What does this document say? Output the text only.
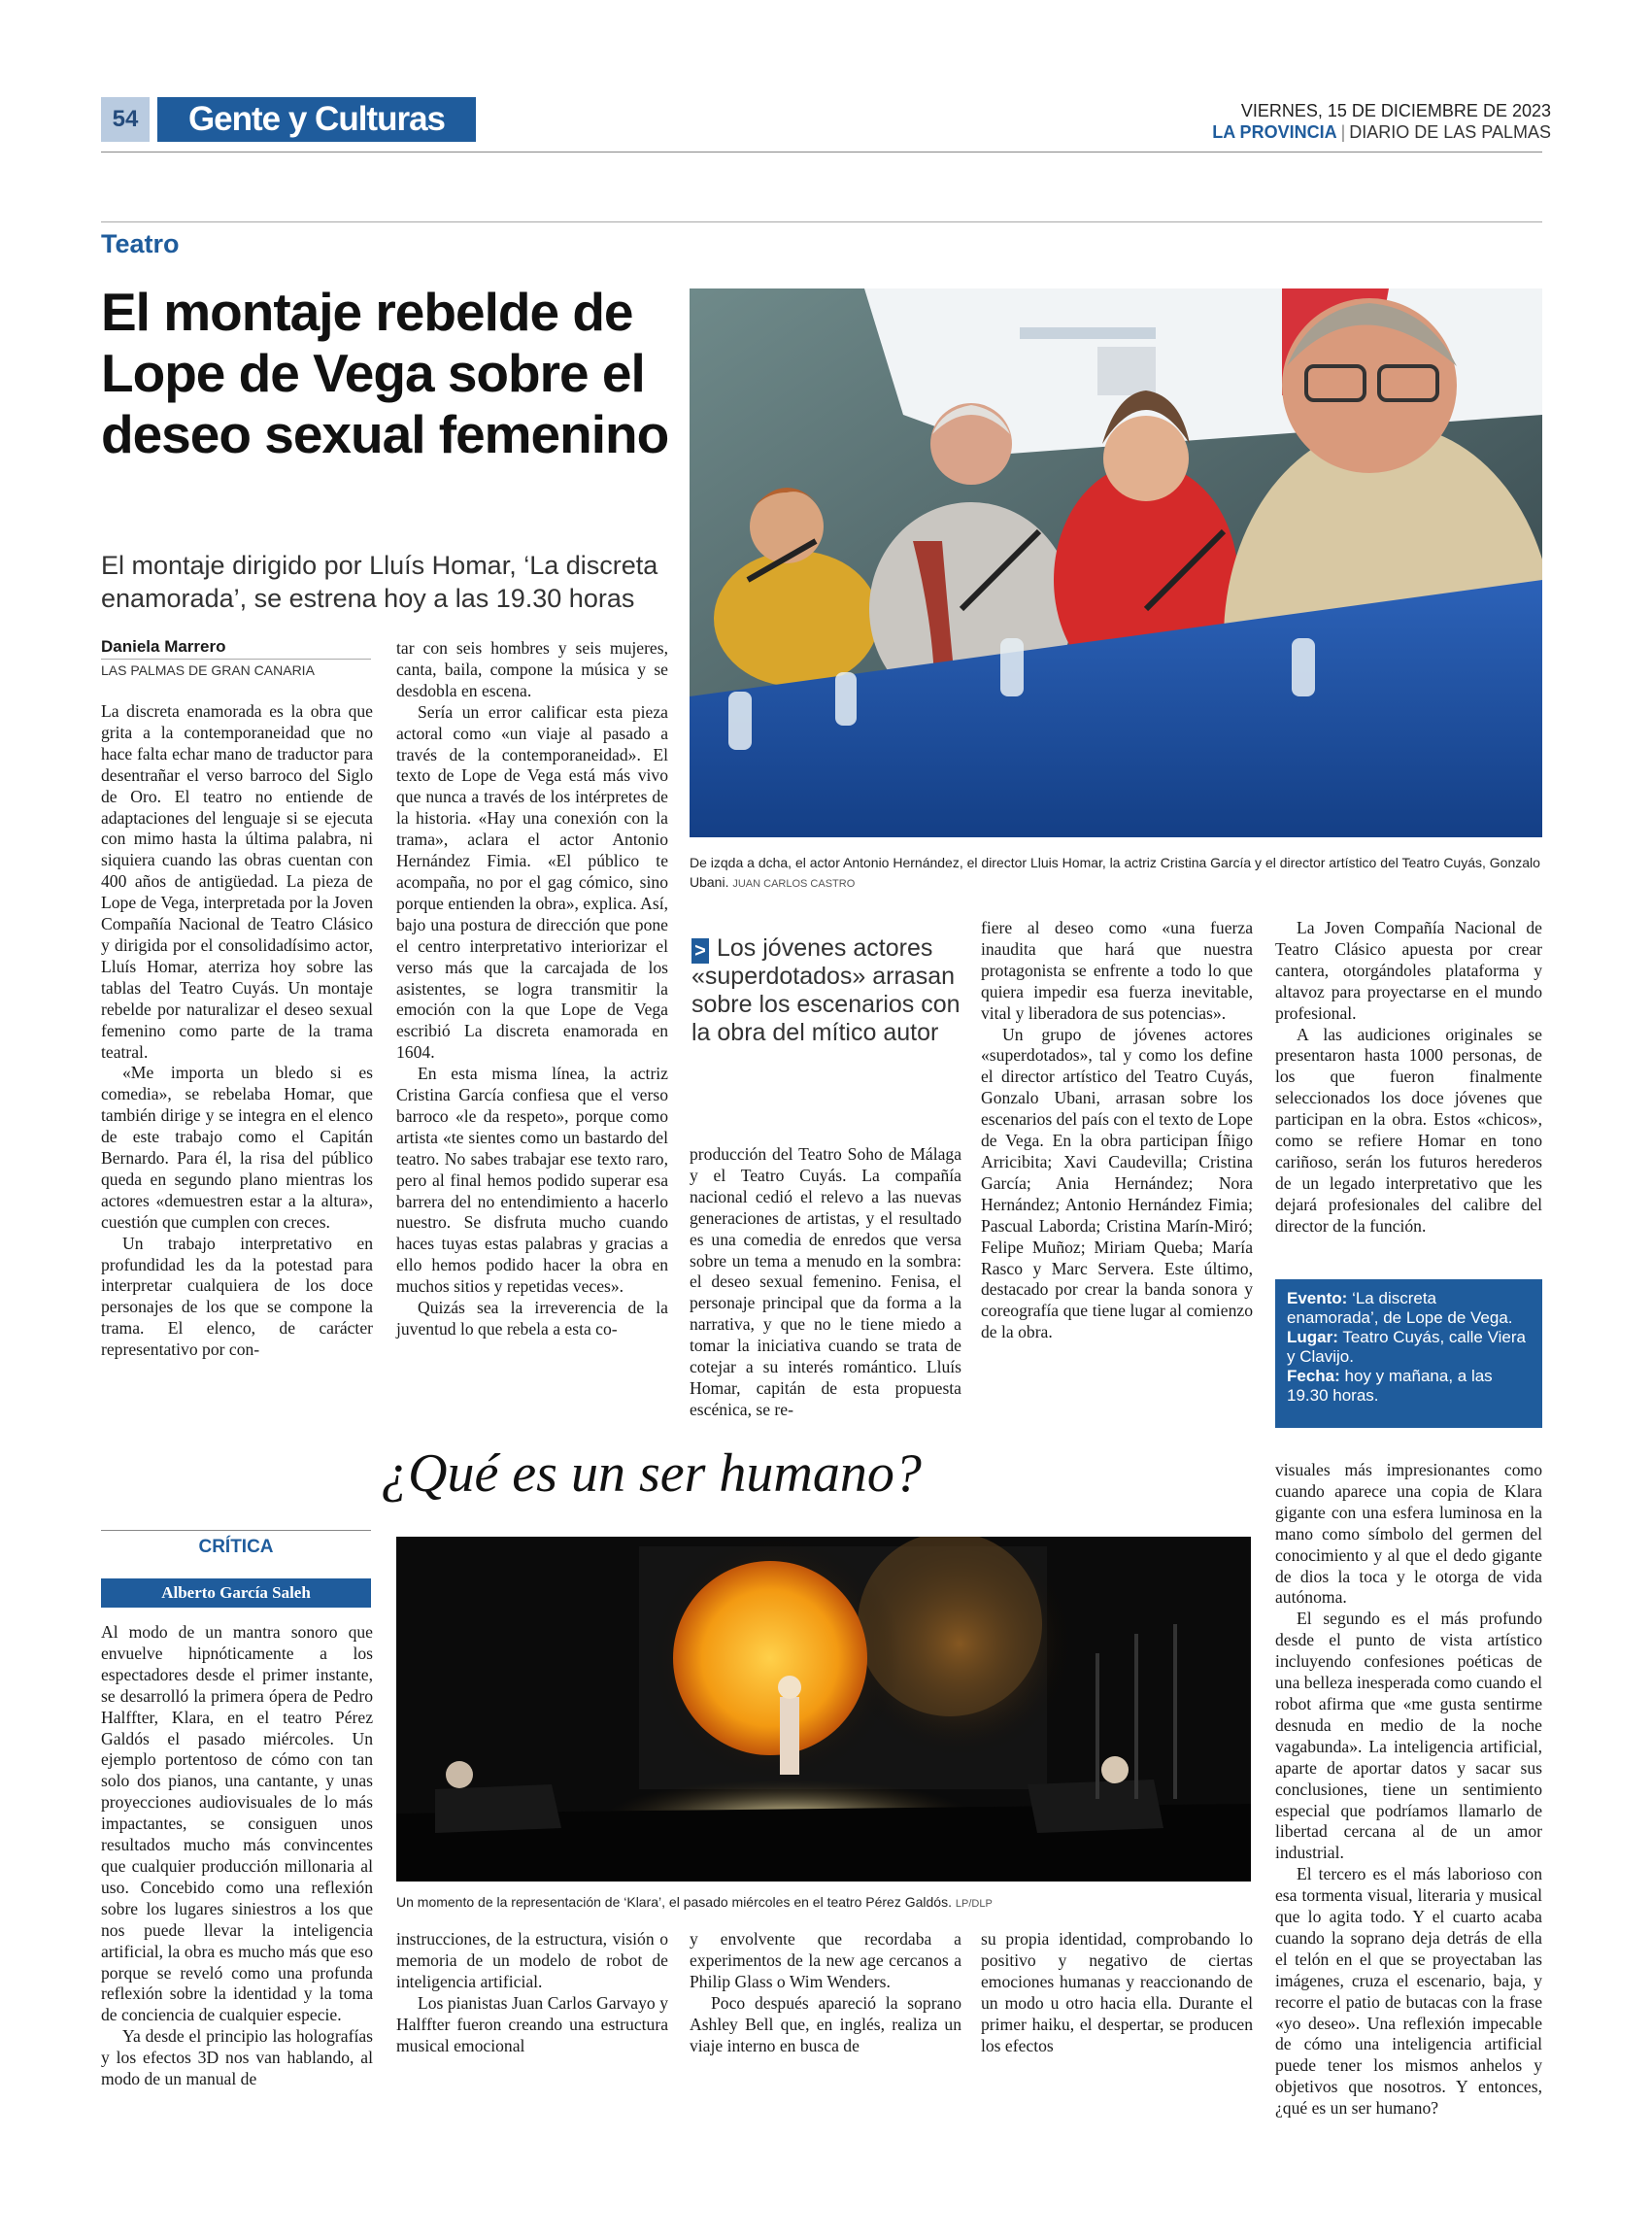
54	Gente y Culturas	VIERNES, 15 DE DICIEMBRE DE 2023
LA PROVINCIA | DIARIO DE LAS PALMAS
Teatro
El montaje rebelde de Lope de Vega sobre el deseo sexual femenino
El montaje dirigido por Lluís Homar, ‘La discreta enamorada’, se estrena hoy a las 19.30 horas
Daniela Marrero
LAS PALMAS DE GRAN CANARIA

La discreta enamorada es la obra que grita a la contemporaneidad que no hace falta echar mano de traductor para desentrañar el verso barroco del Siglo de Oro. El teatro no entiende de adaptaciones del lenguaje si se ejecuta con mimo hasta la última palabra, ni siquiera cuando las obras cuentan con 400 años de antigüedad. La pieza de Lope de Vega, interpretada por la Joven Compañía Nacional de Teatro Clásico y dirigida por el consolidadísimo actor, Lluís Homar, aterriza hoy sobre las tablas del Teatro Cuyás. Un montaje rebelde por naturalizar el deseo sexual femenino como parte de la trama teatral.

«Me importa un bledo si es comedia», se rebelaba Homar, que también dirige y se integra en el elenco de este trabajo como el Capitán Bernardo. Para él, la risa del público queda en segundo plano mientras los actores «demuestren estar a la altura», cuestión que cumplen con creces.

Un trabajo interpretativo en profundidad les da la potestad para interpretar cualquiera de los doce personajes de los que se compone la trama. El elenco, de carácter representativo por con-

tar con seis hombres y seis mujeres, canta, baila, compone la música y se desdobla en escena.

Sería un error calificar esta pieza actoral como «un viaje al pasado a través de la contemporaneidad». El texto de Lope de Vega está más vivo que nunca a través de los intérpretes de la historia. «Hay una conexión con la trama», aclara el actor Antonio Hernández Fimia. «El público te acompaña, no por el gag cómico, sino porque entienden la obra», explica. Así, bajo una postura de dirección que pone el centro interpretativo interiorizar el verso más que la carcajada de los asistentes, se logra transmitir la emoción con la que Lope de Vega escribió La discreta enamorada en 1604.

En esta misma línea, la actriz Cristina García confiesa que el verso barroco «le da respeto», porque como artista «te sientes como un bastardo del teatro. No sabes trabajar ese texto raro, pero al final hemos podido superar esa barrera del no entendimiento a hacerlo nuestro. Se disfruta mucho cuando haces tuyas estas palabras y gracias a ello hemos podido hacer la obra en muchos sitios y repetidas veces».

Quizás sea la irreverencia de la juventud lo que rebela a esta co-

De izqda a dcha, el actor Antonio Hernández, el director Lluis Homar, la actriz Cristina García y el director artístico del Teatro Cuyás, Gonzalo Ubani. JUAN CARLOS CASTRO
> Los jóvenes actores «superdotados» arrasan sobre los escenarios con la obra del mítico autor

producción del Teatro Soho de Málaga y el Teatro Cuyás. La compañía nacional cedió el relevo a las nuevas generaciones de artistas, y el resultado es una comedia de enredos que versa sobre un tema a menudo en la sombra: el deseo sexual femenino. Fenisa, el personaje principal que da forma a la narrativa, y que no le tiene miedo a tomar la iniciativa cuando se trata de cotejar a su interés romántico. Lluís Homar, capitán de esta propuesta escénica, se re-

fiere al deseo como «una fuerza inaudita que hará que nuestra protagonista se enfrente a todo lo que quiera impedir esa fuerza inevitable, vital y liberadora de sus potencias».

Un grupo de jóvenes actores «superdotados», tal y como los define el director artístico del Teatro Cuyás, Gonzalo Ubani, arrasan sobre los escenarios del país con el texto de Lope de Vega. En la obra participan Íñigo Arricibita; Xavi Caudevilla; Cristina García; Ania Hernández; Nora Hernández; Antonio Hernández Fimia; Pascual Laborda; Cristina Marín-Miró; Felipe Muñoz; Miriam Queba; María Rasco y Marc Servera. Este último, destacado por crear la banda sonora y coreografía que tiene lugar al comienzo de la obra.

La Joven Compañía Nacional de Teatro Clásico apuesta por crear cantera, otorgándoles plataforma y altavoz para proyectarse en el mundo profesional.

A las audiciones originales se presentaron hasta 1000 personas, de los que fueron finalmente seleccionados los doce jóvenes que participan en la obra. Estos «chicos», como se refiere Homar en tono cariñoso, serán los futuros herederos de un legado interpretativo que les dejará profesionales del calibre del director de la función.

Evento: ‘La discreta enamorada’, de Lope de Vega.
Lugar: Teatro Cuyás, calle Viera y Clavijo.
Fecha: hoy y mañana, a las 19.30 horas.
¿Qué es un ser humano?
CRÍTICA
Alberto García Saleh

Al modo de un mantra sonoro que envuelve hipnóticamente a los espectadores desde el primer instante, se desarrolló la primera ópera de Pedro Halffter, Klara, en el teatro Pérez Galdós el pasado miércoles. Un ejemplo portentoso de cómo con tan solo dos pianos, una cantante, y unas proyecciones audiovisuales de lo más impactantes, se consiguen unos resultados mucho más convincentes que cualquier producción millonaria al uso. Concebido como una reflexión sobre los lugares siniestros a los que nos puede llevar la inteligencia artificial, la obra es mucho más que eso porque se reveló como una profunda reflexión sobre la identidad y la toma de conciencia de cualquier especie.

Ya desde el principio las holografías y los efectos 3D nos van hablando, al modo de un manual de

Un momento de la representación de ‘Klara’, el pasado miércoles en el teatro Pérez Galdós. LP/DLP

instrucciones, de la estructura, visión o memoria de un modelo de robot de inteligencia artificial.

Los pianistas Juan Carlos Garvayo y Halffter fueron creando una estructura musical emocional

y envolvente que recordaba a experimentos de la new age cercanos a Philip Glass o Wim Wenders.

Poco después apareció la soprano Ashley Bell que, en inglés, realiza un viaje interno en busca de

su propia identidad, comprobando lo positivo y negativo de ciertas emociones humanas y reaccionando de un modo u otro hacia ella. Durante el primer haiku, el despertar, se producen los efectos

visuales más impresionantes como cuando aparece una copia de Klara gigante con una esfera luminosa en la mano como símbolo del germen del conocimiento y al que el dedo gigante de dios la toca y le otorga de vida autónoma.

El segundo es el más profundo desde el punto de vista artístico incluyendo confesiones poéticas de una belleza inesperada como cuando el robot afirma que «me gusta sentirme desnuda en medio de la noche vagabunda». La inteligencia artificial, aparte de aportar datos y sacar sus conclusiones, tiene un sentimiento especial que podríamos llamarlo de libertad cercana al de un amor industrial.

El tercero es el más laborioso con esa tormenta visual, literaria y musical que lo agita todo. Y el cuarto acaba cuando la soprano deja detrás de ella el telón en el que se proyectaban las imágenes, cruza el escenario, baja, y recorre el patio de butacas con la frase «yo deseo». Una reflexión impecable de cómo una inteligencia artificial puede tener los mismos anhelos y objetivos que nosotros. Y entonces, ¿qué es un ser humano?
